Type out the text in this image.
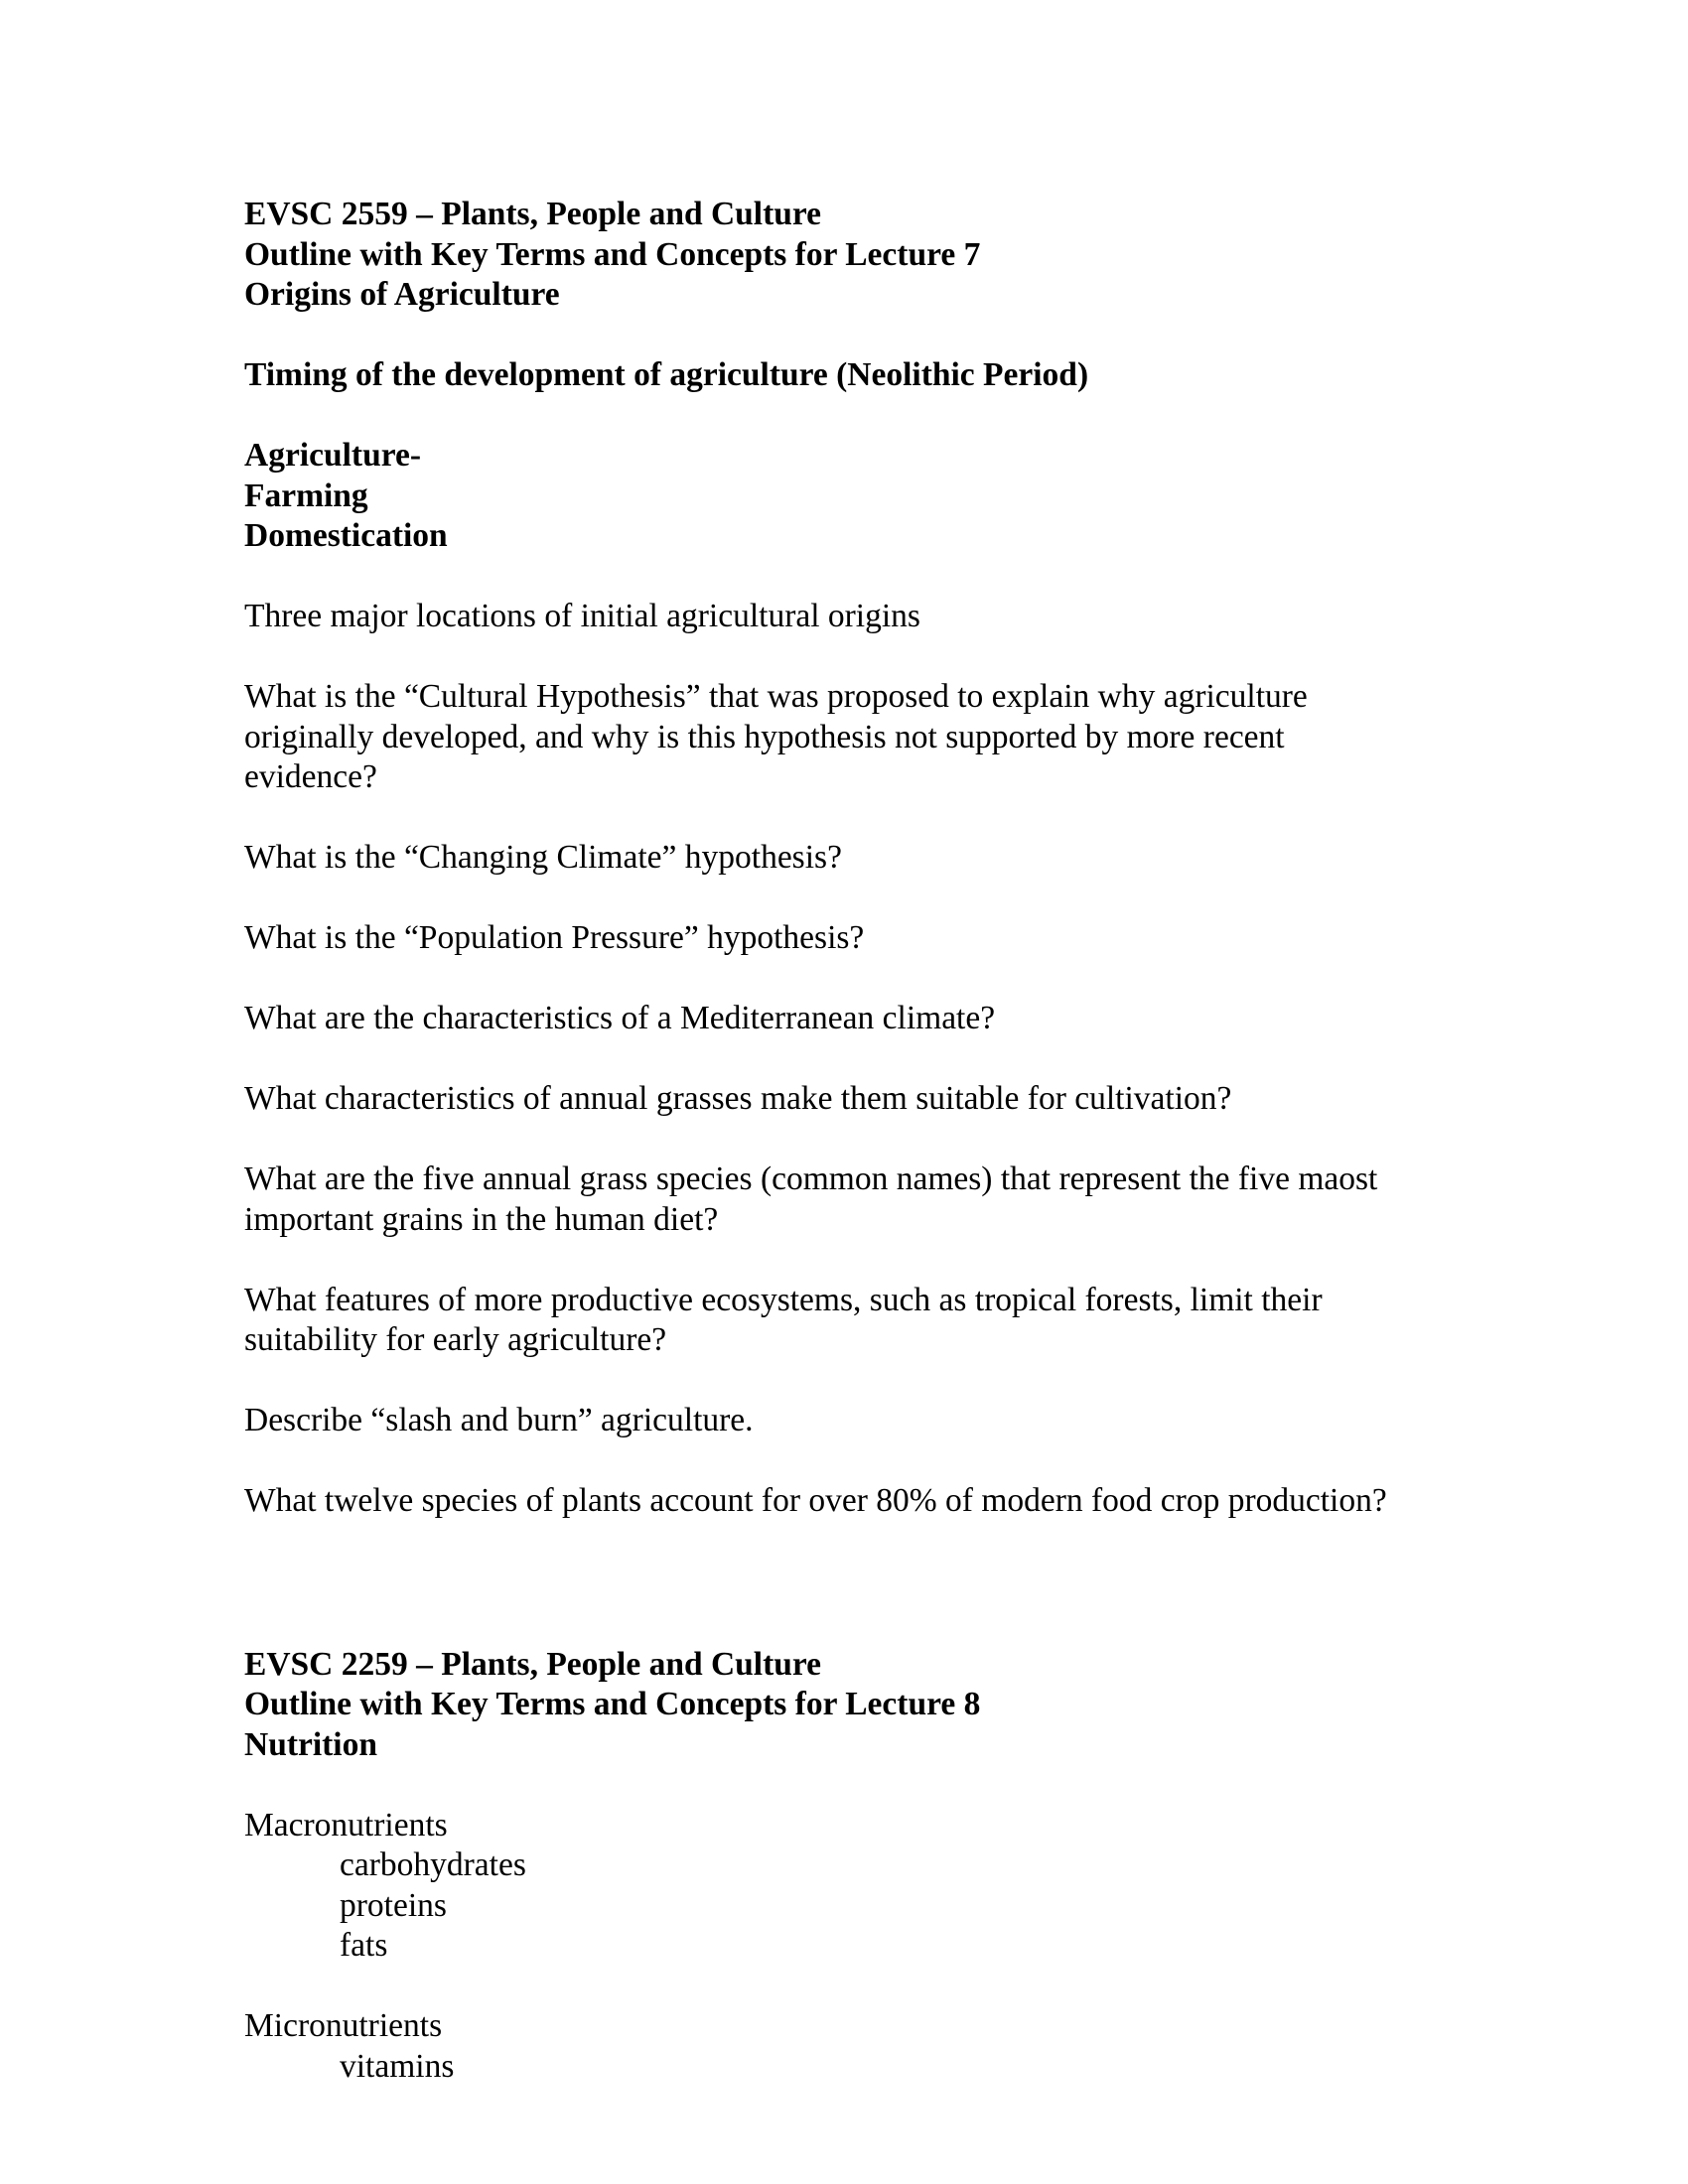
EVSC 2559 – Plants, People and Culture
Outline with Key Terms and Concepts for Lecture 7
Origins of Agriculture
Timing of the development of agriculture (Neolithic Period)
Agriculture-
Farming
Domestication
Three major locations of initial agricultural origins
What is the “Cultural Hypothesis” that was proposed to explain why agriculture originally developed, and why is this hypothesis not supported by more recent evidence?
What is the “Changing Climate” hypothesis?
What is the “Population Pressure” hypothesis?
What are the characteristics of a Mediterranean climate?
What characteristics of annual grasses make them suitable for cultivation?
What are the five annual grass species (common names) that represent the five maost important grains in the human diet?
What features of more productive ecosystems, such as tropical forests, limit their suitability for early agriculture?
Describe “slash and burn” agriculture.
What twelve species of plants account for over 80% of modern food crop production?
EVSC 2259 – Plants, People and Culture
Outline with Key Terms and Concepts for Lecture 8
Nutrition
Macronutrients
carbohydrates
proteins
fats
Micronutrients
vitamins
